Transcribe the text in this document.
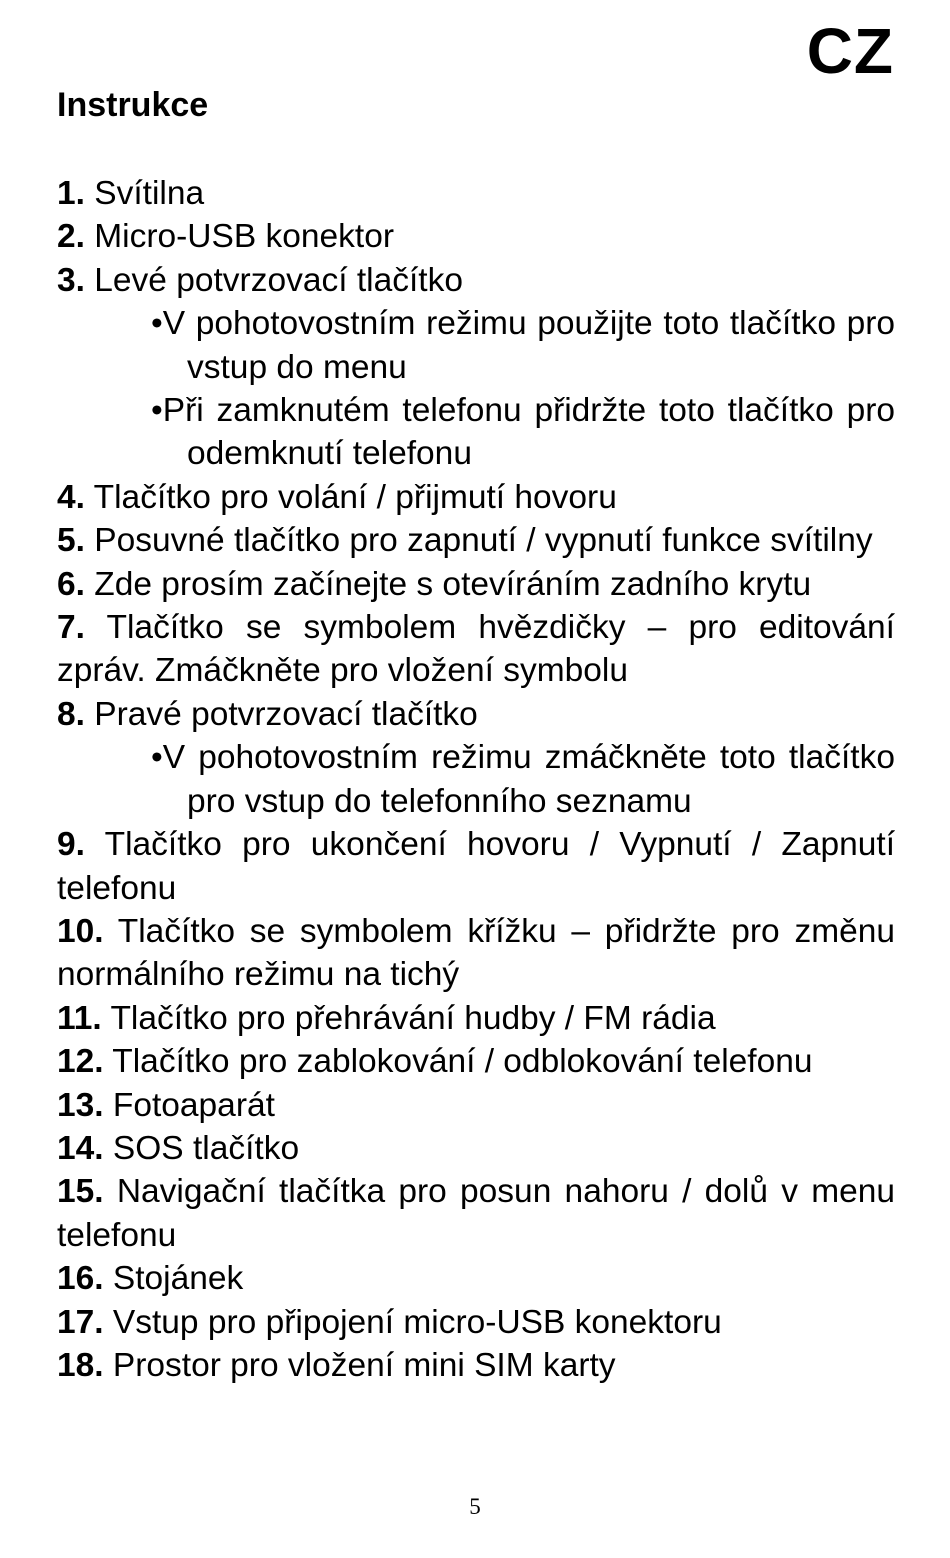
CZ
Instrukce
1. Svítilna
2. Micro-USB konektor
3. Levé potvrzovací tlačítko
•V pohotovostním režimu použijte toto tlačítko pro vstup do menu
•Při zamknutém telefonu přidržte toto tlačítko pro odemknutí telefonu
4. Tlačítko pro volání / přijmutí hovoru
5. Posuvné tlačítko pro zapnutí / vypnutí funkce svítilny
6. Zde prosím začínejte s otevíráním zadního krytu
7. Tlačítko se symbolem hvězdičky – pro editování zpráv. Zmáčkněte pro vložení symbolu
8. Pravé potvrzovací tlačítko
•V pohotovostním režimu zmáčkněte toto tlačítko pro vstup do telefonního seznamu
9. Tlačítko pro ukončení hovoru / Vypnutí / Zapnutí telefonu
10. Tlačítko se symbolem křížku – přidržte pro změnu normálního režimu na tichý
11. Tlačítko pro přehrávání hudby / FM rádia
12. Tlačítko pro zablokování / odblokování telefonu
13. Fotoaparát
14. SOS tlačítko
15. Navigační tlačítka pro posun nahoru / dolů v menu telefonu
16. Stojánek
17. Vstup pro připojení micro-USB konektoru
18. Prostor pro vložení mini SIM karty
5
